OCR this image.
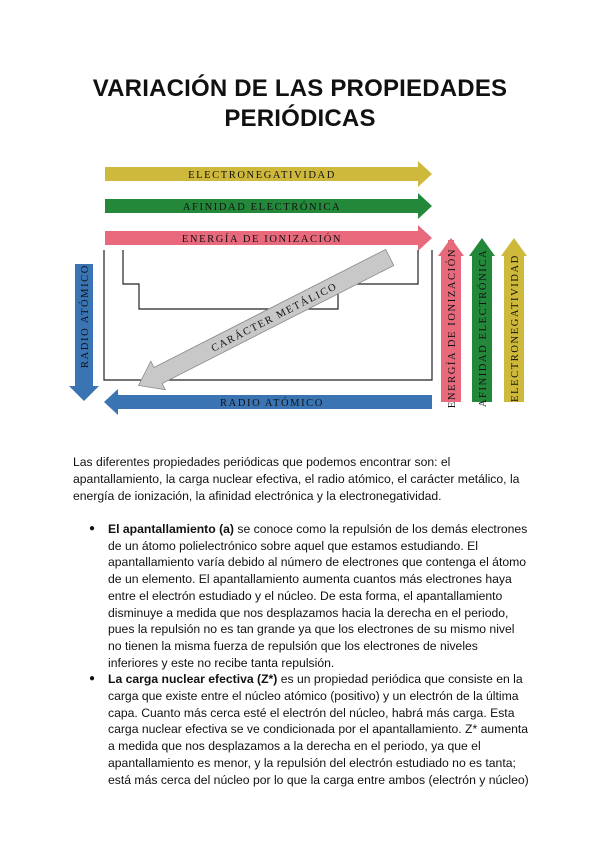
VARIACIÓN DE LAS PROPIEDADES
PERIÓDICAS
ELECTRONEGATIVIDAD
AFINIDAD ELECTRÓNICA
ENERGÍA DE IONIZACIÓN
CARÁCTER METÁLICO
RADIO ATÓMICO
RADIO ATÓMICO	ENERGÍA DE IONIZACIÓN AFINIDAD ELECTRÓNICA ELECTRONEGATIVIDAD
Las diferentes propiedades periódicas que podemos encontrar son: el apantallamiento, la carga nuclear efectiva, el radio atómico, el carácter metálico, la energía de ionización, la afinidad electrónica y la electronegatividad.
● El apantallamiento (a) se conoce como la repulsión de los demás electrones de un átomo polielectrónico sobre aquel que estamos estudiando. El apantallamiento varía debido al número de electrones que contenga el átomo de un elemento. El apantallamiento aumenta cuantos más electrones haya entre el electrón estudiado y el núcleo. De esta forma, el apantallamiento disminuye a medida que nos desplazamos hacia la derecha en el periodo, pues la repulsión no es tan grande ya que los electrones de su mismo nivel no tienen la misma fuerza de repulsión que los electrones de niveles inferiores y este no recibe tanta repulsión.
● La carga nuclear efectiva (Z*) es un propiedad periódica que consiste en la carga que existe entre el núcleo atómico (positivo) y un electrón de la última capa. Cuanto más cerca esté el electrón del núcleo, habrá más carga. Esta carga nuclear efectiva se ve condicionada por el apantallamiento. Z* aumenta a medida que nos desplazamos a la derecha en el periodo, ya que el apantallamiento es menor, y la repulsión del electrón estudiado no es tanta; está más cerca del núcleo por lo que la carga entre ambos (electrón y núcleo)
